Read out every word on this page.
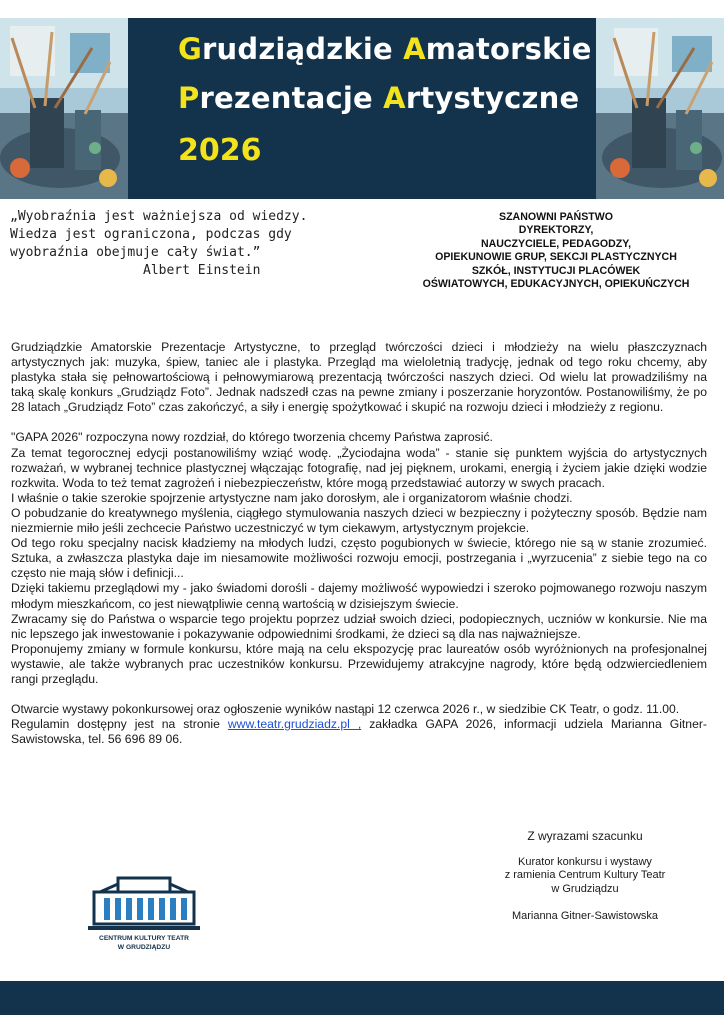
Grudziądzkie Amatorskie
Prezentacje Artystyczne
2026
„Wyobraźnia jest ważniejsza od wiedzy.
Wiedza jest ograniczona, podczas gdy
wyobraźnia obejmuje cały świat.”
Albert Einstein
SZANOWNI PAŃSTWO
DYREKTORZY,
NAUCZYCIELE, PEDAGODZY,
OPIEKUNOWIE GRUP, SEKCJI PLASTYCZNYCH
SZKÓŁ, INSTYTUCJI PLACÓWEK
OŚWIATOWYCH, EDUKACYJNYCH, OPIEKUŃCZYCH

Grudziądzkie Amatorskie Prezentacje Artystyczne, to przegląd twórczości dzieci i młodzieży na wielu płaszczyznach artystycznych jak: muzyka, śpiew, taniec ale i plastyka. Przegląd ma wieloletnią tradycję, jednak od tego roku chcemy, aby plastyka stała się pełnowartościową i pełnowymiarową prezentacją twórczości naszych dzieci. Od wielu lat prowadziliśmy na taką skalę konkurs „Grudziądz Foto”. Jednak nadszedł czas na pewne zmiany i poszerzanie horyzontów. Postanowiliśmy, że po 28 latach „Grudziądz Foto” czas zakończyć, a siły i energię spożytkować i skupić na rozwoju dzieci i młodzieży z regionu.

"GAPA 2026" rozpoczyna nowy rozdział, do którego tworzenia chcemy Państwa zaprosić.

Za temat tegorocznej edycji postanowiliśmy wziąć wodę. „Życiodajna woda” - stanie się punktem wyjścia do artystycznych rozważań, w wybranej technice plastycznej włączając fotografię, nad jej pięknem, urokami, energią i życiem jakie dzięki wodzie rozkwita. Woda to też temat zagrożeń i niebezpieczeństw, które mogą przedstawiać autorzy w swych pracach.

I właśnie o takie szerokie spojrzenie artystyczne nam jako dorosłym, ale i organizatorom właśnie chodzi.

O pobudzanie do kreatywnego myślenia, ciągłego stymulowania naszych dzieci w bezpieczny i pożyteczny sposób. Będzie nam niezmiernie miło jeśli zechcecie Państwo uczestniczyć w tym ciekawym, artystycznym projekcie.

Od tego roku specjalny nacisk kładziemy na młodych ludzi, często pogubionych w świecie, którego nie są w stanie zrozumieć. Sztuka, a zwłaszcza plastyka daje im niesamowite możliwości rozwoju emocji, postrzegania i „wyrzucenia” z siebie tego na co często nie mają słów i definicji...

Dzięki takiemu przeglądowi my - jako świadomi dorośli - dajemy możliwość wypowiedzi i szeroko pojmowanego rozwoju naszym młodym mieszkańcom, co jest niewątpliwie cenną wartością w dzisiejszym świecie.

Zwracamy się do Państwa o wsparcie tego projektu poprzez udział swoich dzieci, podopiecznych, uczniów w konkursie. Nie ma nic lepszego jak inwestowanie i pokazywanie odpowiednimi środkami, że dzieci są dla nas najważniejsze.

Proponujemy zmiany w formule konkursu, które mają na celu ekspozycję prac laureatów osób wyróżnionych na profesjonalnej wystawie, ale także wybranych prac uczestników konkursu. Przewidujemy atrakcyjne nagrody, które będą odzwierciedleniem rangi przeglądu.

Otwarcie wystawy pokonkursowej oraz ogłoszenie wyników nastąpi 12 czerwca 2026 r., w siedzibie CK Teatr, o godz. 11.00.

Regulamin dostępny jest na stronie www.teatr.grudziadz.pl , zakładka GAPA 2026, informacji udziela Marianna Gitner-Sawistowska, tel. 56 696 89 06.

CENTRUM KULTURY TEATR
W GRUDZIĄDZU
Z wyrazami szacunku
Kurator konkursu i wystawy
z ramienia Centrum Kultury Teatr
w Grudziądzu
Marianna Gitner-Sawistowska
